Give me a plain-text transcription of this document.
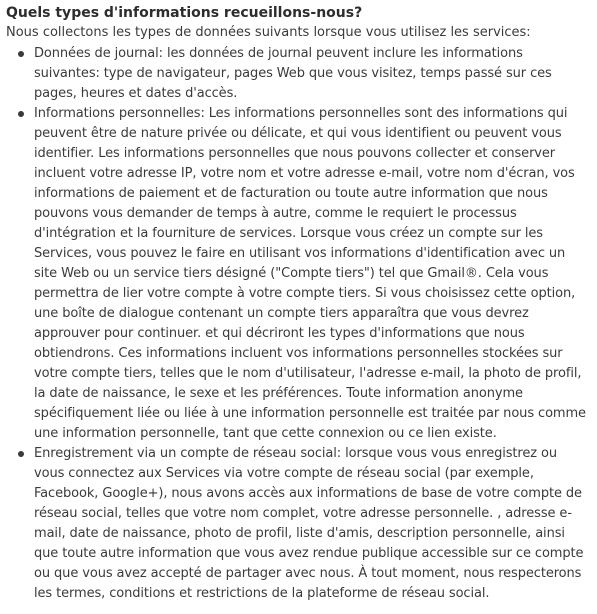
Quels types d'informations recueillons-nous?

Nous collectons les types de données suivants lorsque vous utilisez les services:

Données de journal: les données de journal peuvent inclure les informations suivantes: type de navigateur, pages Web que vous visitez, temps passé sur ces pages, heures et dates d'accès.
Informations personnelles: Les informations personnelles sont des informations qui peuvent être de nature privée ou délicate, et qui vous identifient ou peuvent vous identifier. Les informations personnelles que nous pouvons collecter et conserver incluent votre adresse IP, votre nom et votre adresse e-mail, votre nom d'écran, vos informations de paiement et de facturation ou toute autre information que nous pouvons vous demander de temps à autre, comme le requiert le processus d'intégration et la fourniture de services. Lorsque vous créez un compte sur les Services, vous pouvez le faire en utilisant vos informations d'identification avec un site Web ou un service tiers désigné ("Compte tiers") tel que Gmail®. Cela vous permettra de lier votre compte à votre compte tiers. Si vous choisissez cette option, une boîte de dialogue contenant un compte tiers apparaîtra que vous devrez approuver pour continuer. et qui décriront les types d'informations que nous obtiendrons. Ces informations incluent vos informations personnelles stockées sur votre compte tiers, telles que le nom d'utilisateur, l'adresse e-mail, la photo de profil, la date de naissance, le sexe et les préférences. Toute information anonyme spécifiquement liée ou liée à une information personnelle est traitée par nous comme une information personnelle, tant que cette connexion ou ce lien existe.
Enregistrement via un compte de réseau social: lorsque vous vous enregistrez ou vous connectez aux Services via votre compte de réseau social (par exemple, Facebook, Google+), nous avons accès aux informations de base de votre compte de réseau social, telles que votre nom complet, votre adresse personnelle. , adresse e-mail, date de naissance, photo de profil, liste d'amis, description personnelle, ainsi que toute autre information que vous avez rendue publique accessible sur ce compte ou que vous avez accepté de partager avec nous. À tout moment, nous respecterons les termes, conditions et restrictions de la plateforme de réseau social.
